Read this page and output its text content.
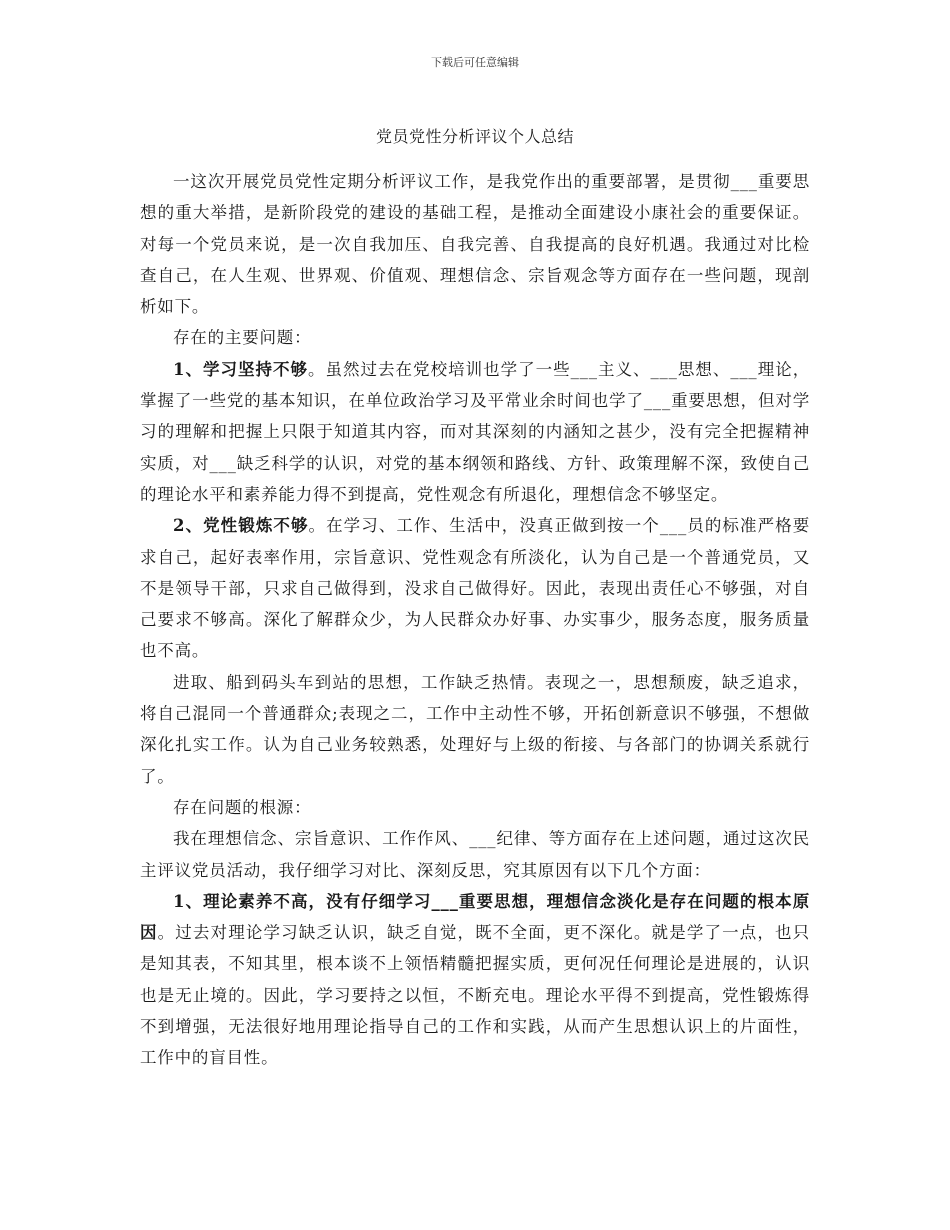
下载后可任意编辑
党员党性分析评议个人总结

一这次开展党员党性定期分析评议工作，是我党作出的重要部署，是贯彻___重要思想的重大举措，是新阶段党的建设的基础工程，是推动全面建设小康社会的重要保证。对每一个党员来说，是一次自我加压、自我完善、自我提高的良好机遇。我通过对比检查自己，在人生观、世界观、价值观、理想信念、宗旨观念等方面存在一些问题，现剖析如下。

存在的主要问题：

1、学习坚持不够。虽然过去在党校培训也学了一些___主义、___思想、___理论，掌握了一些党的基本知识，在单位政治学习及平常业余时间也学了___重要思想，但对学习的理解和把握上只限于知道其内容，而对其深刻的内涵知之甚少，没有完全把握精神实质，对___缺乏科学的认识，对党的基本纲领和路线、方针、政策理解不深，致使自己的理论水平和素养能力得不到提高，党性观念有所退化，理想信念不够坚定。

2、党性锻炼不够。在学习、工作、生活中，没真正做到按一个___员的标准严格要求自己，起好表率作用，宗旨意识、党性观念有所淡化，认为自己是一个普通党员，又不是领导干部，只求自己做得到，没求自己做得好。因此，表现出责任心不够强，对自己要求不够高。深化了解群众少，为人民群众办好事、办实事少，服务态度，服务质量也不高。

进取、船到码头车到站的思想，工作缺乏热情。表现之一，思想颓废，缺乏追求，将自己混同一个普通群众;表现之二，工作中主动性不够，开拓创新意识不够强，不想做深化扎实工作。认为自己业务较熟悉，处理好与上级的衔接、与各部门的协调关系就行了。

存在问题的根源：

我在理想信念、宗旨意识、工作作风、___纪律、等方面存在上述问题，通过这次民主评议党员活动，我仔细学习对比、深刻反思，究其原因有以下几个方面：

1、理论素养不高，没有仔细学习___重要思想，理想信念淡化是存在问题的根本原因。过去对理论学习缺乏认识，缺乏自觉，既不全面，更不深化。就是学了一点，也只是知其表，不知其里，根本谈不上领悟精髓把握实质，更何况任何理论是进展的，认识也是无止境的。因此，学习要持之以恒，不断充电。理论水平得不到提高，党性锻炼得不到增强，无法很好地用理论指导自己的工作和实践，从而产生思想认识上的片面性，工作中的盲目性。
